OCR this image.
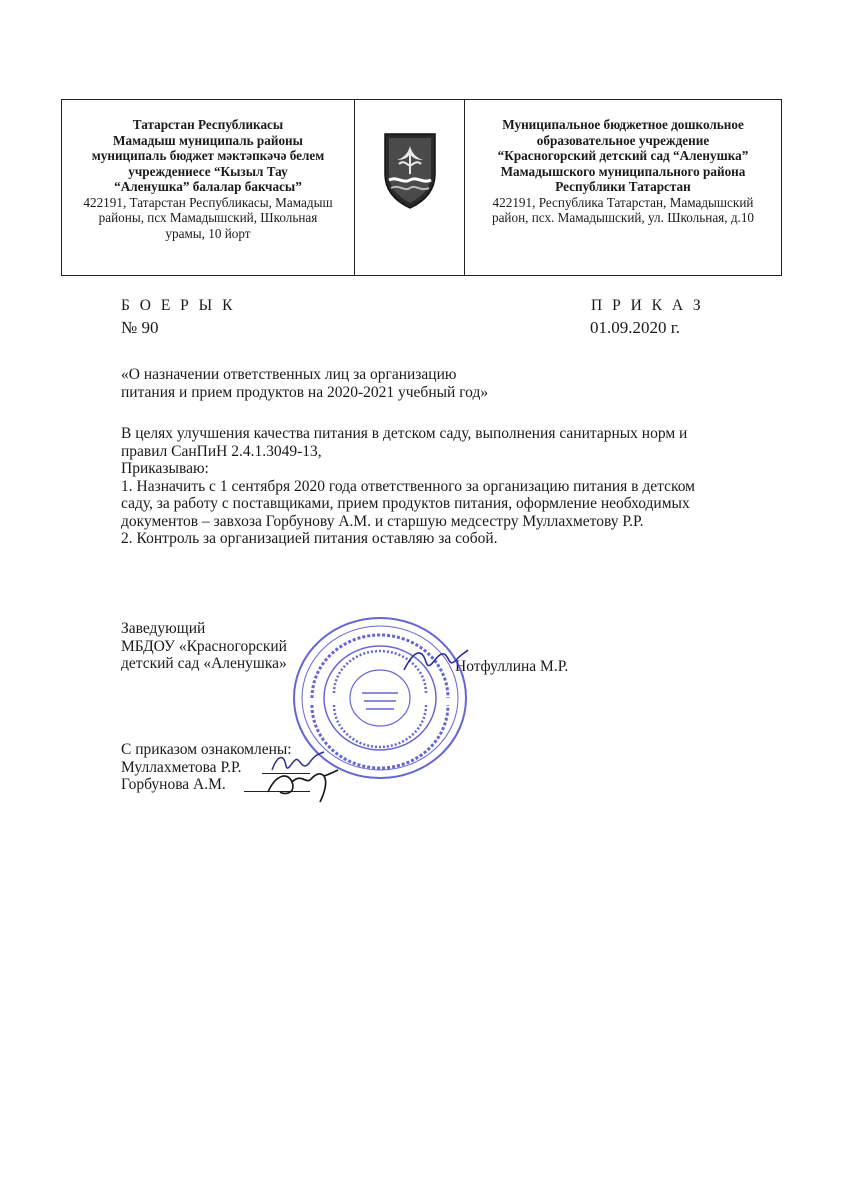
Татарстан Республикасы
Мамадыш муниципаль районы
муниципаль бюджет мәктәпкәчә белем
учреждениесе “Кызыл Тау
“Аленушка” балалар бакчасы”
422191, Татарстан Республикасы, Мамадыш
районы, псх Мамадышский, Школьная
урамы, 10 йорт
Муниципальное бюджетное дошкольное
образовательное учреждение
“Красногорский детский сад “Аленушка”
Мамадышского муниципального района
Республики Татарстан
422191, Республика Татарстан, Мамадышский
район, псх. Мамадышский, ул. Школьная, д.10
Б О Е Р Ы К	П Р И К А З
№ 90	01.09.2020 г.
«О назначении ответственных лиц за организацию
питания и прием продуктов на 2020-2021 учебный год»
В целях улучшения качества питания в детском саду, выполнения санитарных норм и
правил СанПиН 2.4.1.3049-13,
Приказываю:
1. Назначить с 1 сентября 2020 года ответственного за организацию питания в детском
саду, за работу с поставщиками, прием продуктов питания, оформление необходимых
документов – завхоза Горбунову А.М. и старшую медсестру Муллахметову Р.Р.
2. Контроль за организацией питания оставляю за собой.
Заведующий
МБДОУ «Красногорский
детский сад «Аленушка»	Нотфуллина М.Р.
С приказом ознакомлены:
Муллахметова Р.Р.
Горбунова А.М.
